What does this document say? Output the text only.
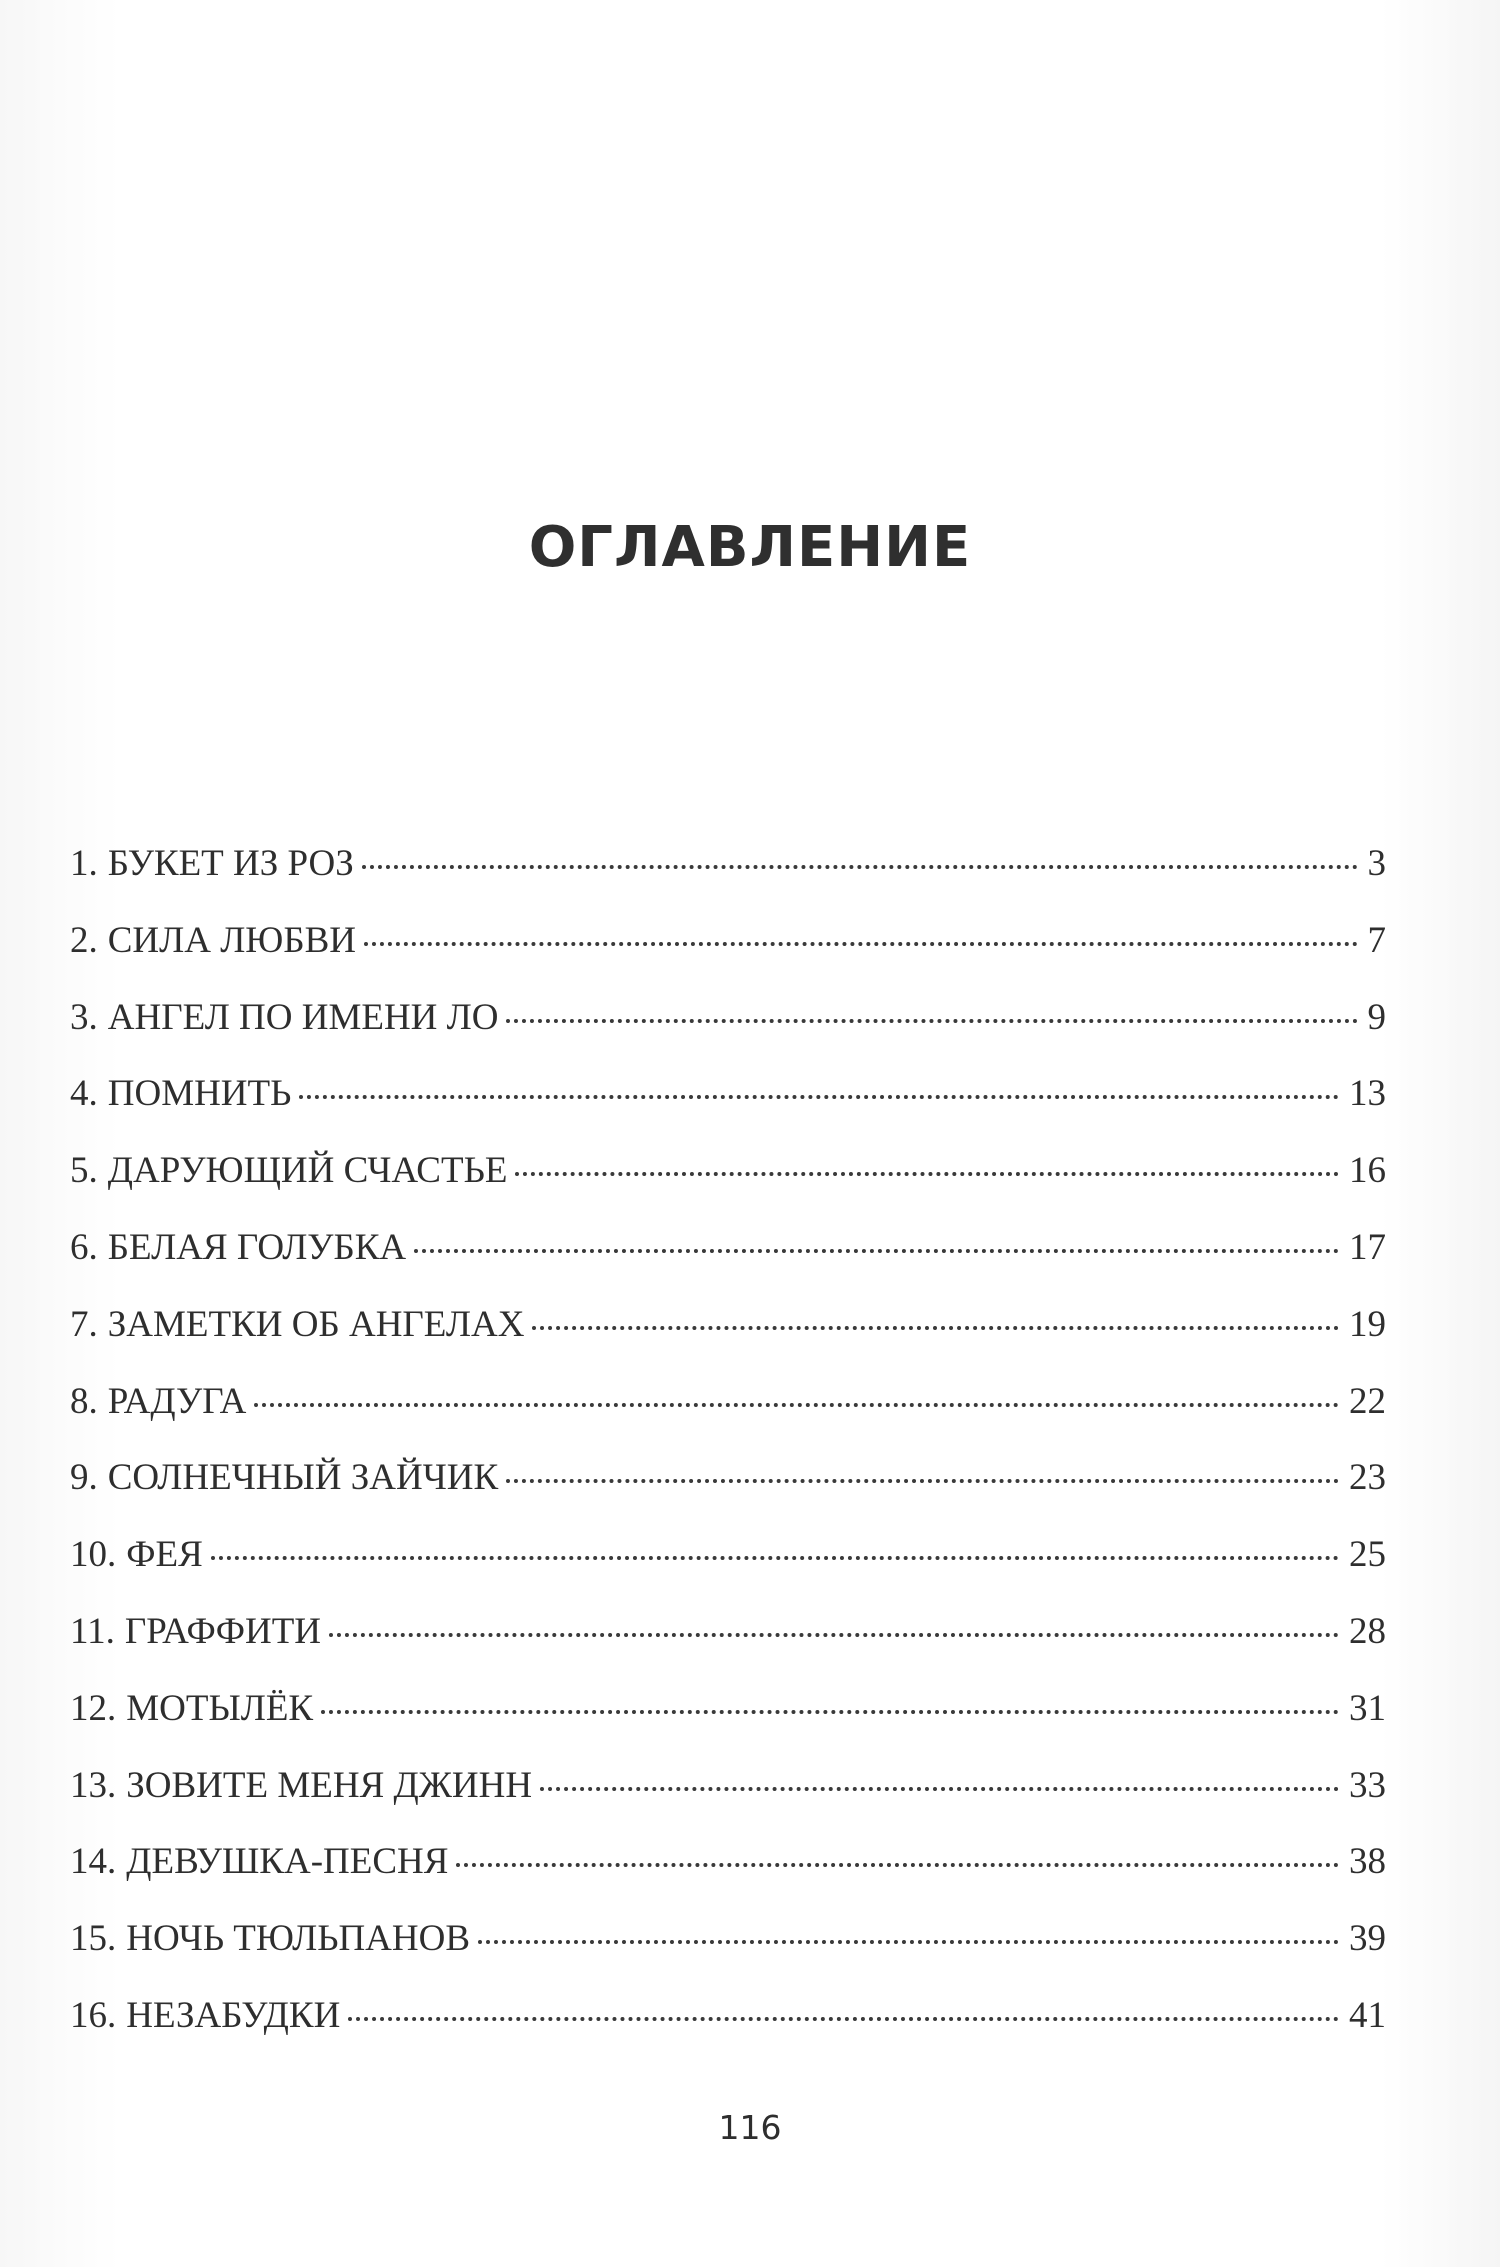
ОГЛАВЛЕНИЕ
1. БУКЕТ ИЗ РОЗ	3
2. СИЛА ЛЮБВИ	7
3. АНГЕЛ ПО ИМЕНИ ЛО	9
4. ПОМНИТЬ	13
5. ДАРУЮЩИЙ СЧАСТЬЕ	16
6. БЕЛАЯ ГОЛУБКА	17
7. ЗАМЕТКИ ОБ АНГЕЛАХ	19
8. РАДУГА	22
9. СОЛНЕЧНЫЙ ЗАЙЧИК	23
10. ФЕЯ	25
11. ГРАФФИТИ	28
12. МОТЫЛЁК	31
13. ЗОВИТЕ МЕНЯ ДЖИНН	33
14. ДЕВУШКА-ПЕСНЯ	38
15. НОЧЬ ТЮЛЬПАНОВ	39
16. НЕЗАБУДКИ	41
116
